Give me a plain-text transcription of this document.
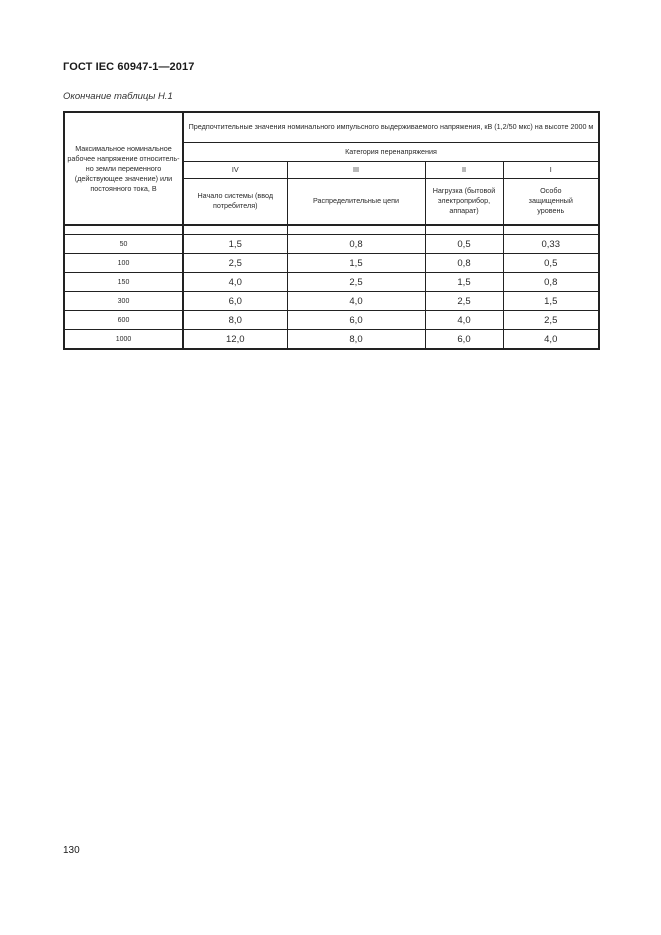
ГОСТ IEC 60947-1—2017
Окончание таблицы Н.1
Максимальное номинальное рабочее напряжение относитель-но земли переменного (действующее значение) или постоянного тока, В	Предпочтительные значения номинального импульсного выдерживаемого напряжения, кВ (1,2/50 мкс) на высоте 2000 м			
	Категория перенапряжения			
	IV	III	II	I
	Начало системы (ввод потребителя)	Распределительные цепи	Нагрузка (бытовой электроприбор, аппарат)	Особо защищенный уровень

50	1,5	0,8	0,5	0,33
100	2,5	1,5	0,8	0,5
150	4,0	2,5	1,5	0,8
300	6,0	4,0	2,5	1,5
600	8,0	6,0	4,0	2,5
1000	12,0	8,0	6,0	4,0
130
